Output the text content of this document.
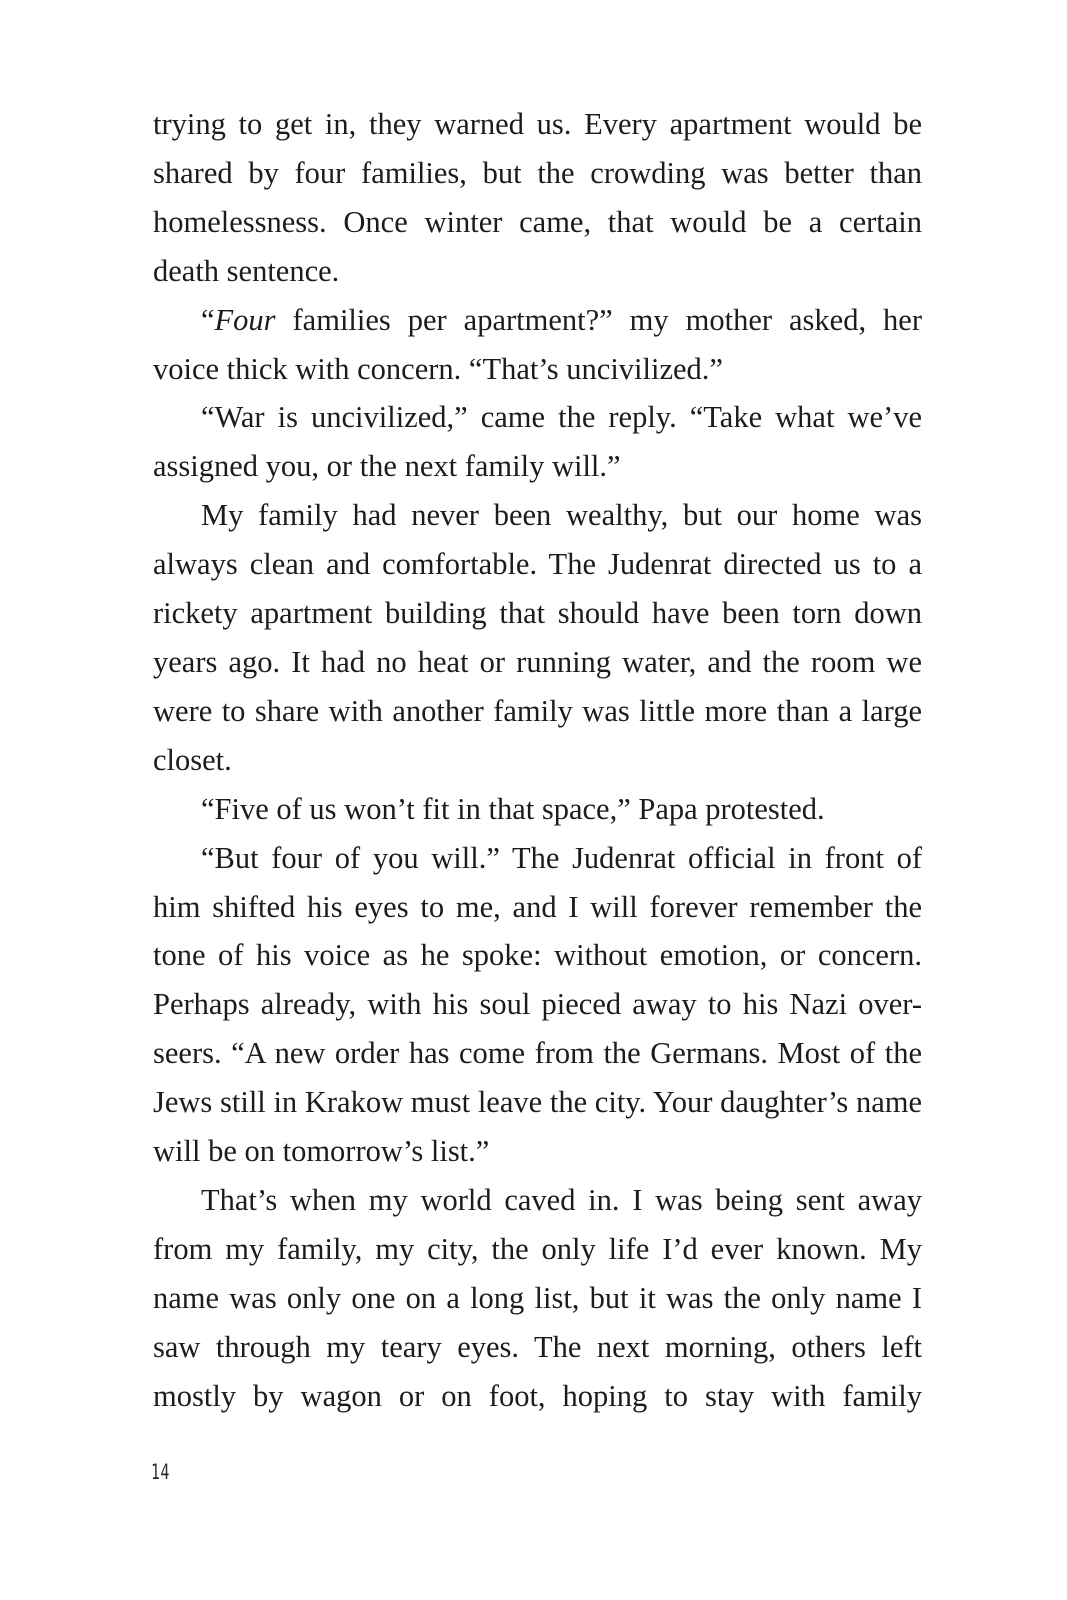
trying to get in, they warned us. Every apartment would be shared by four families, but the crowding was better than homelessness. Once winter came, that would be a certain death sentence.

“Four families per apartment?” my mother asked, her voice thick with concern. “That’s uncivilized.”

“War is uncivilized,” came the reply. “Take what we’ve assigned you, or the next family will.”

My family had never been wealthy, but our home was always clean and comfortable. The Judenrat directed us to a rickety apartment building that should have been torn down years ago. It had no heat or running water, and the room we were to share with another family was little more than a large closet.

“Five of us won’t fit in that space,” Papa protested.

“But four of you will.” The Judenrat official in front of him shifted his eyes to me, and I will forever remember the tone of his voice as he spoke: without emotion, or concern. Perhaps already, with his soul pieced away to his Nazi over-seers. “A new order has come from the Germans. Most of the Jews still in Krakow must leave the city. Your daughter’s name will be on tomorrow’s list.”

That’s when my world caved in. I was being sent away from my family, my city, the only life I’d ever known. My name was only one on a long list, but it was the only name I saw through my teary eyes. The next morning, others left mostly by wagon or on foot, hoping to stay with family

14
